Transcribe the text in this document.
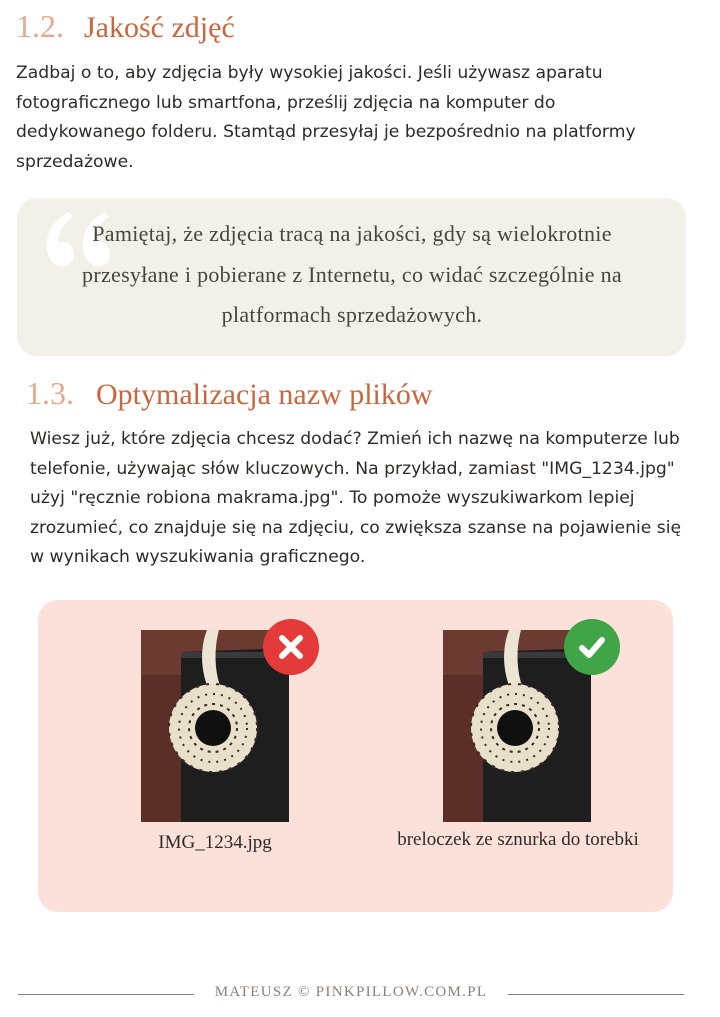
1.2. Jakość zdjęć

Zadbaj o to, aby zdjęcia były wysokiej jakości. Jeśli używasz aparatu fotograficznego lub smartfona, prześlij zdjęcia na komputer do dedykowanego folderu. Stamtąd przesyłaj je bezpośrednio na platformy sprzedażowe.

Pamiętaj, że zdjęcia tracą na jakości, gdy są wielokrotnie przesyłane i pobierane z Internetu, co widać szczególnie na platformach sprzedażowych.

1.3. Optymalizacja nazw plików

Wiesz już, które zdjęcia chcesz dodać? Zmień ich nazwę na komputerze lub telefonie, używając słów kluczowych. Na przykład, zamiast "IMG_1234.jpg" użyj "ręcznie robiona makrama.jpg". To pomoże wyszukiwarkom lepiej zrozumieć, co znajduje się na zdjęciu, co zwiększa szanse na pojawienie się w wynikach wyszukiwania graficznego.

IMG_1234.jpg	breloczek ze sznurka do torebki

MATEUSZ © PINKPILLOW.COM.PL
